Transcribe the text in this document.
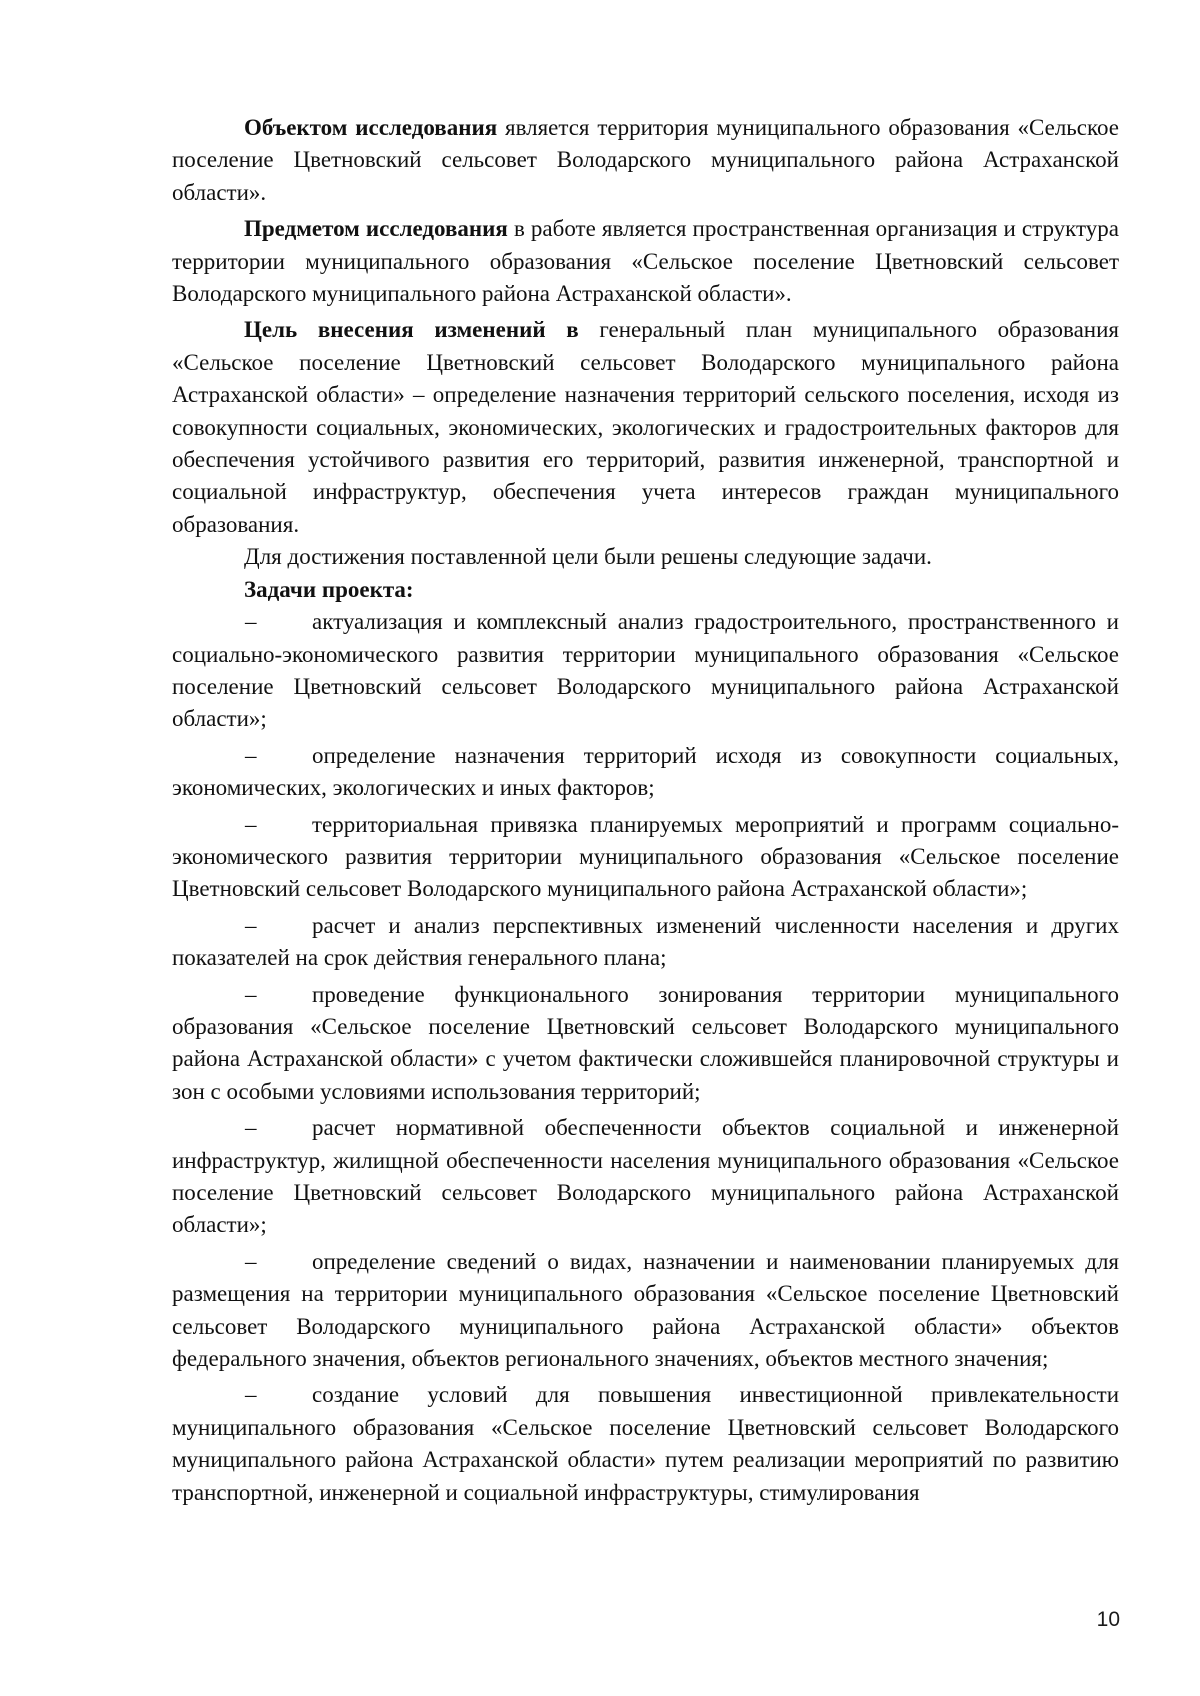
Объектом исследования является территория муниципального образования «Сельское поселение Цветновский сельсовет Володарского муниципального района Астраханской области».

Предметом исследования в работе является пространственная организация и структура территории муниципального образования «Сельское поселение Цветновский сельсовет Володарского муниципального района Астраханской области».

Цель внесения изменений в генеральный план муниципального образования «Сельское поселение Цветновский сельсовет Володарского муниципального района Астраханской области» – определение назначения территорий сельского поселения, исходя из совокупности социальных, экономических, экологических и градостроительных факторов для обеспечения устойчивого развития его территорий, развития инженерной, транспортной и социальной инфраструктур, обеспечения учета интересов граждан муниципального образования.

Для достижения поставленной цели были решены следующие задачи.

Задачи проекта:

– актуализация и комплексный анализ градостроительного, пространственного и социально-экономического развития территории муниципального образования «Сельское поселение Цветновский сельсовет Володарского муниципального района Астраханской области»;

– определение назначения территорий исходя из совокупности социальных, экономических, экологических и иных факторов;

– территориальная привязка планируемых мероприятий и программ социально-экономического развития территории муниципального образования «Сельское поселение Цветновский сельсовет Володарского муниципального района Астраханской области»;

– расчет и анализ перспективных изменений численности населения и других показателей на срок действия генерального плана;

– проведение функционального зонирования территории муниципального образования «Сельское поселение Цветновский сельсовет Володарского муниципального района Астраханской области» с учетом фактически сложившейся планировочной структуры и зон с особыми условиями использования территорий;

– расчет нормативной обеспеченности объектов социальной и инженерной инфраструктур, жилищной обеспеченности населения муниципального образования «Сельское поселение Цветновский сельсовет Володарского муниципального района Астраханской области»;

– определение сведений о видах, назначении и наименовании планируемых для размещения на территории муниципального образования «Сельское поселение Цветновский сельсовет Володарского муниципального района Астраханской области» объектов федерального значения, объектов регионального значениях, объектов местного значения;

– создание условий для повышения инвестиционной привлекательности муниципального образования «Сельское поселение Цветновский сельсовет Володарского муниципального района Астраханской области» путем реализации мероприятий по развитию транспортной, инженерной и социальной инфраструктуры, стимулирования

10
